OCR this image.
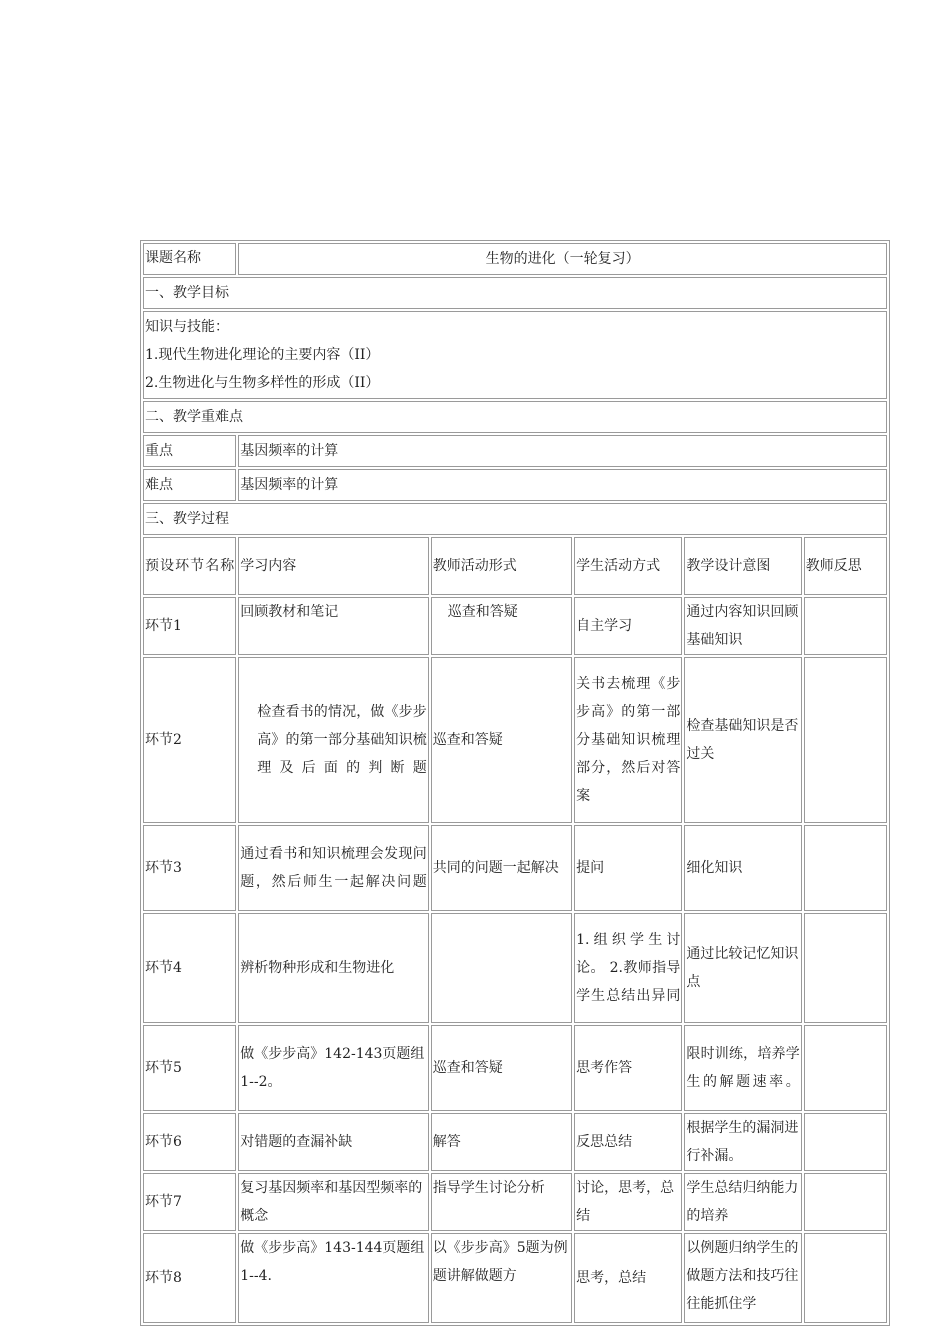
课题名称	生物的进化（一轮复习）				
一、教学目标					

知识与技能：
1.现代生物进化理论的主要内容（II）
2.生物进化与生物多样性的形成（II）					

二、教学重难点					
重点	基因频率的计算				
难点	基因频率的计算				
三、教学过程					
预设环节名称	学习内容	教师活动形式	学生活动方式	教学设计意图	教师反思
环节1	回顾教材和笔记	巡查和答疑	自主学习	通过内容知识回顾基础知识	
环节2	检查看书的情况，做《步步高》的第一部分基础知识梳理及后面的判断题	巡查和答疑	关书去梳理《步步高》的第一部分基础知识梳理部分，然后对答案	检查基础知识是否过关	
环节3	通过看书和知识梳理会发现问题，然后师生一起解决问题	共同的问题一起解决	提问	细化知识	
环节4	辨析物种形成和生物进化		1.组织学生讨论。 2.教师指导学生总结出异同	通过比较记忆知识点	
环节5	做《步步高》142-143页题组1--2。	巡查和答疑	思考作答	限时训练，培养学生的解题速率。	
环节6	对错题的查漏补缺	解答	反思总结	根据学生的漏洞进行补漏。	
环节7	复习基因频率和基因型频率的概念	指导学生讨论分析	讨论，思考，总结	学生总结归纳能力的培养	
环节8	做《步步高》143-144页题组1--4.	以《步步高》5题为例题讲解做题方	思考，总结	以例题归纳学生的做题方法和技巧往往能抓住学	
